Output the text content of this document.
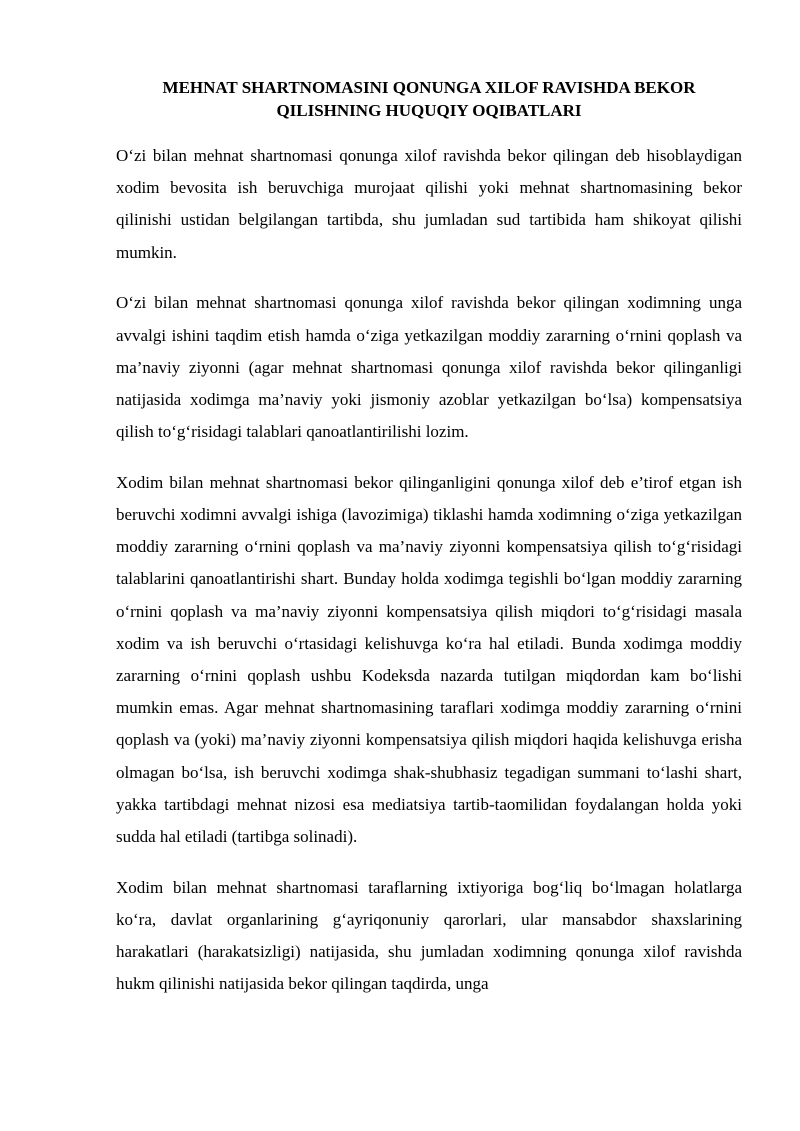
MEHNAT SHARTNOMASINI QONUNGA XILOF RAVISHDA BEKOR QILISHNING HUQUQIY OQIBATLARI

O‘zi bilan mehnat shartnomasi qonunga xilof ravishda bekor qilingan deb hisoblaydigan xodim bevosita ish beruvchiga murojaat qilishi yoki mehnat shartnomasining bekor qilinishi ustidan belgilangan tartibda, shu jumladan sud tartibida ham shikoyat qilishi mumkin.

O‘zi bilan mehnat shartnomasi qonunga xilof ravishda bekor qilingan xodimning unga avvalgi ishini taqdim etish hamda o‘ziga yetkazilgan moddiy zararning o‘rnini qoplash va ma’naviy ziyonni (agar mehnat shartnomasi qonunga xilof ravishda bekor qilinganligi natijasida xodimga ma’naviy yoki jismoniy azoblar yetkazilgan bo‘lsa) kompensatsiya qilish to‘g‘risidagi talablari qanoatlantirilishi lozim.

Xodim bilan mehnat shartnomasi bekor qilinganligini qonunga xilof deb e’tirof etgan ish beruvchi xodimni avvalgi ishiga (lavozimiga) tiklashi hamda xodimning o‘ziga yetkazilgan moddiy zararning o‘rnini qoplash va ma’naviy ziyonni kompensatsiya qilish to‘g‘risidagi talablarini qanoatlantirishi shart. Bunday holda xodimga tegishli bo‘lgan moddiy zararning o‘rnini qoplash va ma’naviy ziyonni kompensatsiya qilish miqdori to‘g‘risidagi masala xodim va ish beruvchi o‘rtasidagi kelishuvga ko‘ra hal etiladi. Bunda xodimga moddiy zararning o‘rnini qoplash ushbu Kodeksda nazarda tutilgan miqdordan kam bo‘lishi mumkin emas. Agar mehnat shartnomasining taraflari xodimga moddiy zararning o‘rnini qoplash va (yoki) ma’naviy ziyonni kompensatsiya qilish miqdori haqida kelishuvga erisha olmagan bo‘lsa, ish beruvchi xodimga shak-shubhasiz tegadigan summani to‘lashi shart, yakka tartibdagi mehnat nizosi esa mediatsiya tartib-taomilidan foydalangan holda yoki sudda hal etiladi (tartibga solinadi).

Xodim bilan mehnat shartnomasi taraflarning ixtiyoriga bog‘liq bo‘lmagan holatlarga ko‘ra, davlat organlarining g‘ayriqonuniy qarorlari, ular mansabdor shaxslarining harakatlari (harakatsizligi) natijasida, shu jumladan xodimning qonunga xilof ravishda hukm qilinishi natijasida bekor qilingan taqdirda, unga
